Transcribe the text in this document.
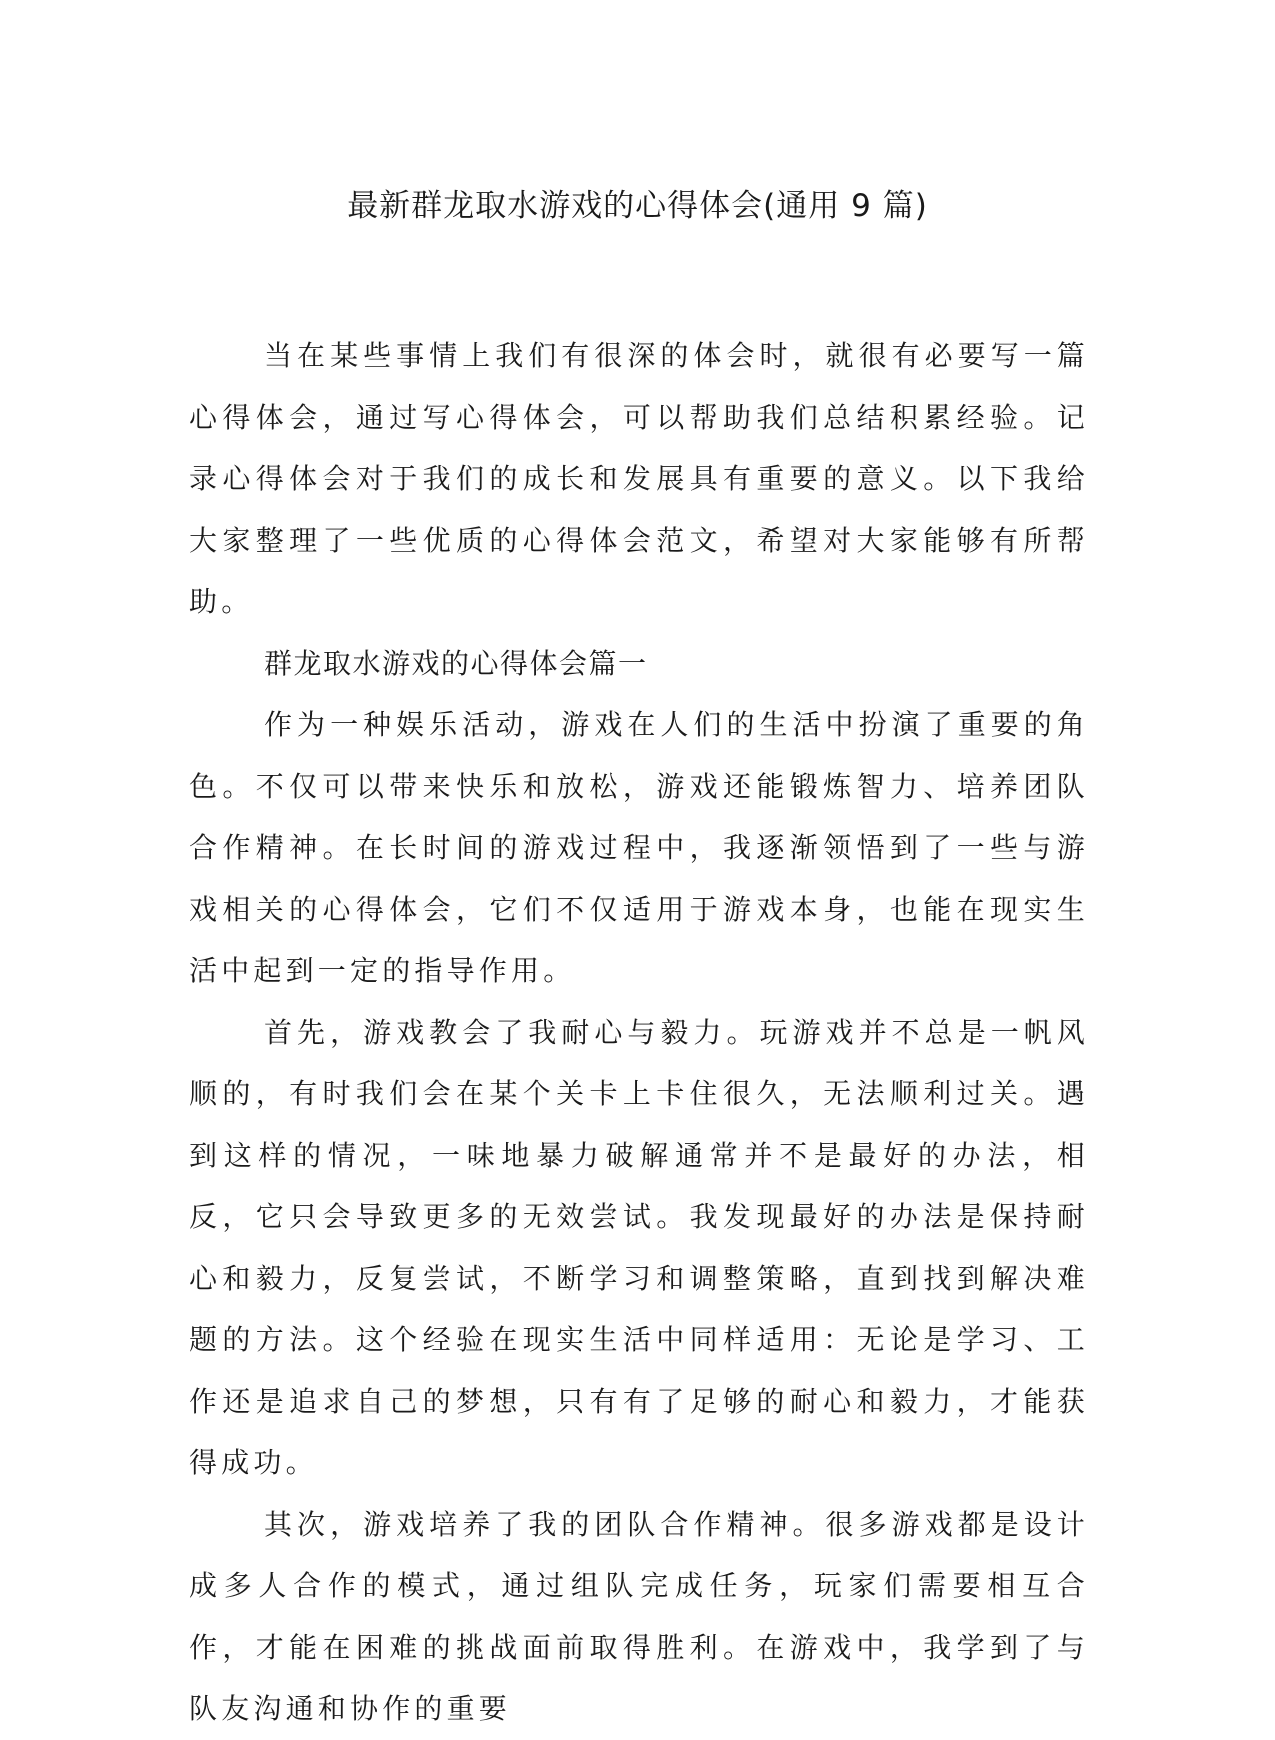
最新群龙取水游戏的心得体会(通用 9 篇)

当在某些事情上我们有很深的体会时，就很有必要写一篇心得体会，通过写心得体会，可以帮助我们总结积累经验。记录心得体会对于我们的成长和发展具有重要的意义。以下我给大家整理了一些优质的心得体会范文，希望对大家能够有所帮助。

群龙取水游戏的心得体会篇一

作为一种娱乐活动，游戏在人们的生活中扮演了重要的角色。不仅可以带来快乐和放松，游戏还能锻炼智力、培养团队合作精神。在长时间的游戏过程中，我逐渐领悟到了一些与游戏相关的心得体会，它们不仅适用于游戏本身，也能在现实生活中起到一定的指导作用。

首先，游戏教会了我耐心与毅力。玩游戏并不总是一帆风顺的，有时我们会在某个关卡上卡住很久，无法顺利过关。遇到这样的情况，一味地暴力破解通常并不是最好的办法，相反，它只会导致更多的无效尝试。我发现最好的办法是保持耐心和毅力，反复尝试，不断学习和调整策略，直到找到解决难题的方法。这个经验在现实生活中同样适用：无论是学习、工作还是追求自己的梦想，只有有了足够的耐心和毅力，才能获得成功。

其次，游戏培养了我的团队合作精神。很多游戏都是设计成多人合作的模式，通过组队完成任务，玩家们需要相互合作，才能在困难的挑战面前取得胜利。在游戏中，我学到了与队友沟通和协作的重要
